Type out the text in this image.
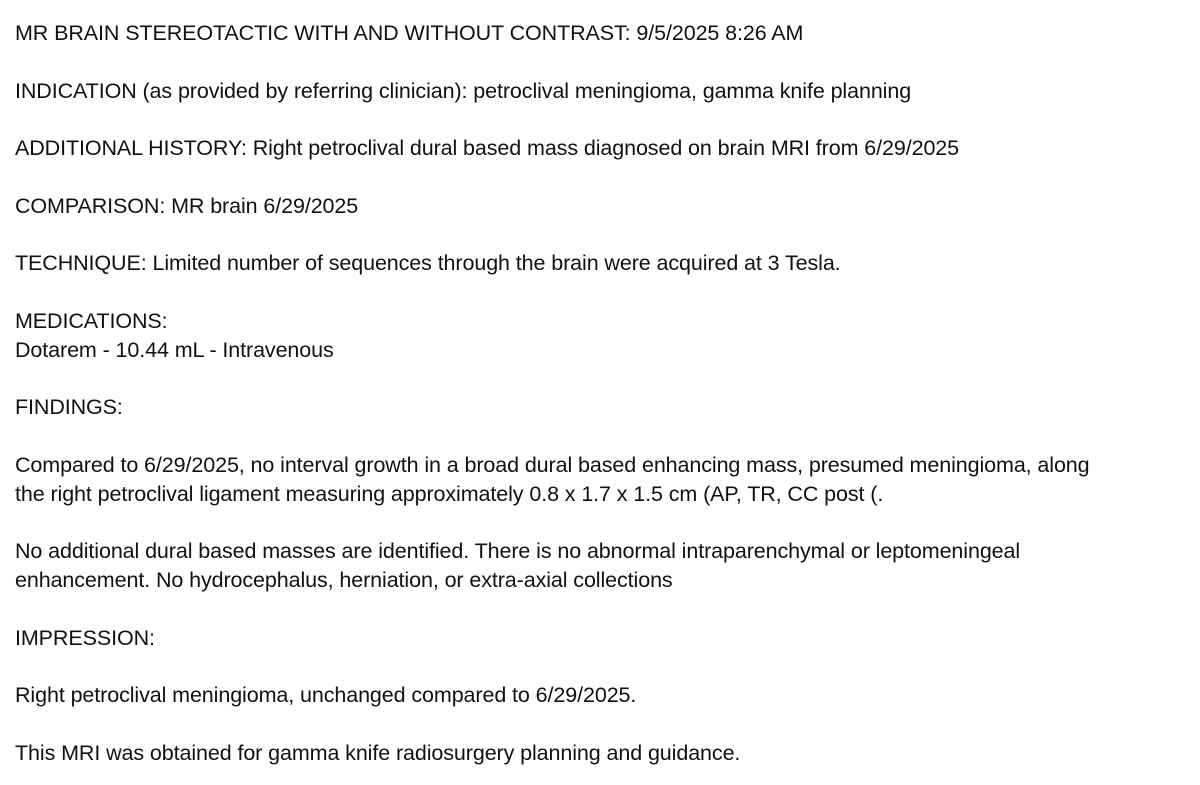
MR BRAIN STEREOTACTIC WITH AND WITHOUT CONTRAST: 9/5/2025 8:26 AM

INDICATION (as provided by referring clinician): petroclival meningioma, gamma knife planning

ADDITIONAL HISTORY: Right petroclival dural based mass diagnosed on brain MRI from 6/29/2025

COMPARISON: MR brain 6/29/2025

TECHNIQUE: Limited number of sequences through the brain were acquired at 3 Tesla.

MEDICATIONS:

Dotarem - 10.44 mL - Intravenous

FINDINGS:

Compared to 6/29/2025, no interval growth in a broad dural based enhancing mass, presumed meningioma, along

the right petroclival ligament measuring approximately 0.8 x 1.7 x 1.5 cm (AP, TR, CC post (.

No additional dural based masses are identified. There is no abnormal intraparenchymal or leptomeningeal

enhancement. No hydrocephalus, herniation, or extra-axial collections

IMPRESSION:

Right petroclival meningioma, unchanged compared to 6/29/2025.

This MRI was obtained for gamma knife radiosurgery planning and guidance.
